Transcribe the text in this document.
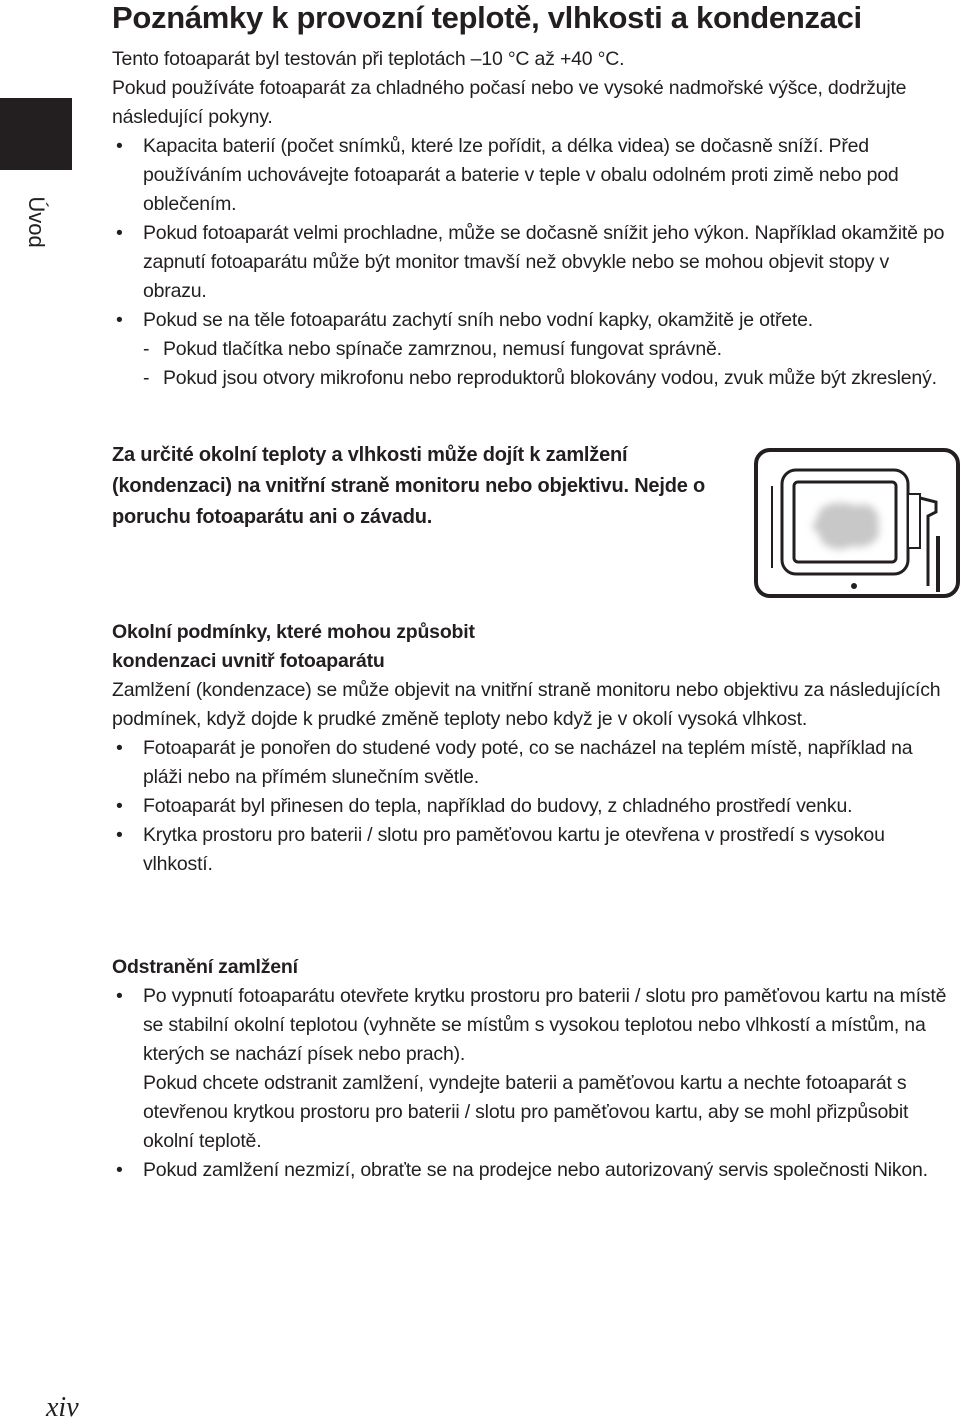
Úvod
Poznámky k provozní teplotě, vlhkosti a kondenzaci

Tento fotoaparát byl testován při teplotách –10 °C až +40 °C.

Pokud používáte fotoaparát za chladného počasí nebo ve vysoké nadmořské výšce, dodržujte následující pokyny.

• Kapacita baterií (počet snímků, které lze pořídit, a délka videa) se dočasně sníží. Před používáním uchovávejte fotoaparát a baterie v teple v obalu odolném proti zimě nebo pod oblečením.
• Pokud fotoaparát velmi prochladne, může se dočasně snížit jeho výkon. Například okamžitě po zapnutí fotoaparátu může být monitor tmavší než obvykle nebo se mohou objevit stopy v obrazu.
• Pokud se na těle fotoaparátu zachytí sníh nebo vodní kapky, okamžitě je otřete.
- Pokud tlačítka nebo spínače zamrznou, nemusí fungovat správně.
- Pokud jsou otvory mikrofonu nebo reproduktorů blokovány vodou, zvuk může být zkreslený.

Za určité okolní teploty a vlhkosti může dojít k zamlžení (kondenzaci) na vnitřní straně monitoru nebo objektivu. Nejde o poruchu fotoaparátu ani o závadu.

Okolní podmínky, které mohou způsobit kondenzaci uvnitř fotoaparátu

Zamlžení (kondenzace) se může objevit na vnitřní straně monitoru nebo objektivu za následujících podmínek, když dojde k prudké změně teploty nebo když je v okolí vysoká vlhkost.

• Fotoaparát je ponořen do studené vody poté, co se nacházel na teplém místě, například na pláži nebo na přímém slunečním světle.
• Fotoaparát byl přinesen do tepla, například do budovy, z chladného prostředí venku.
• Krytka prostoru pro baterii / slotu pro paměťovou kartu je otevřena v prostředí s vysokou vlhkostí.

Odstranění zamlžení

• Po vypnutí fotoaparátu otevřete krytku prostoru pro baterii / slotu pro paměťovou kartu na místě se stabilní okolní teplotou (vyhněte se místům s vysokou teplotou nebo vlhkostí a místům, na kterých se nachází písek nebo prach).
Pokud chcete odstranit zamlžení, vyndejte baterii a paměťovou kartu a nechte fotoaparát s otevřenou krytkou prostoru pro baterii / slotu pro paměťovou kartu, aby se mohl přizpůsobit okolní teplotě.
• Pokud zamlžení nezmizí, obraťte se na prodejce nebo autorizovaný servis společnosti Nikon.
xiv
